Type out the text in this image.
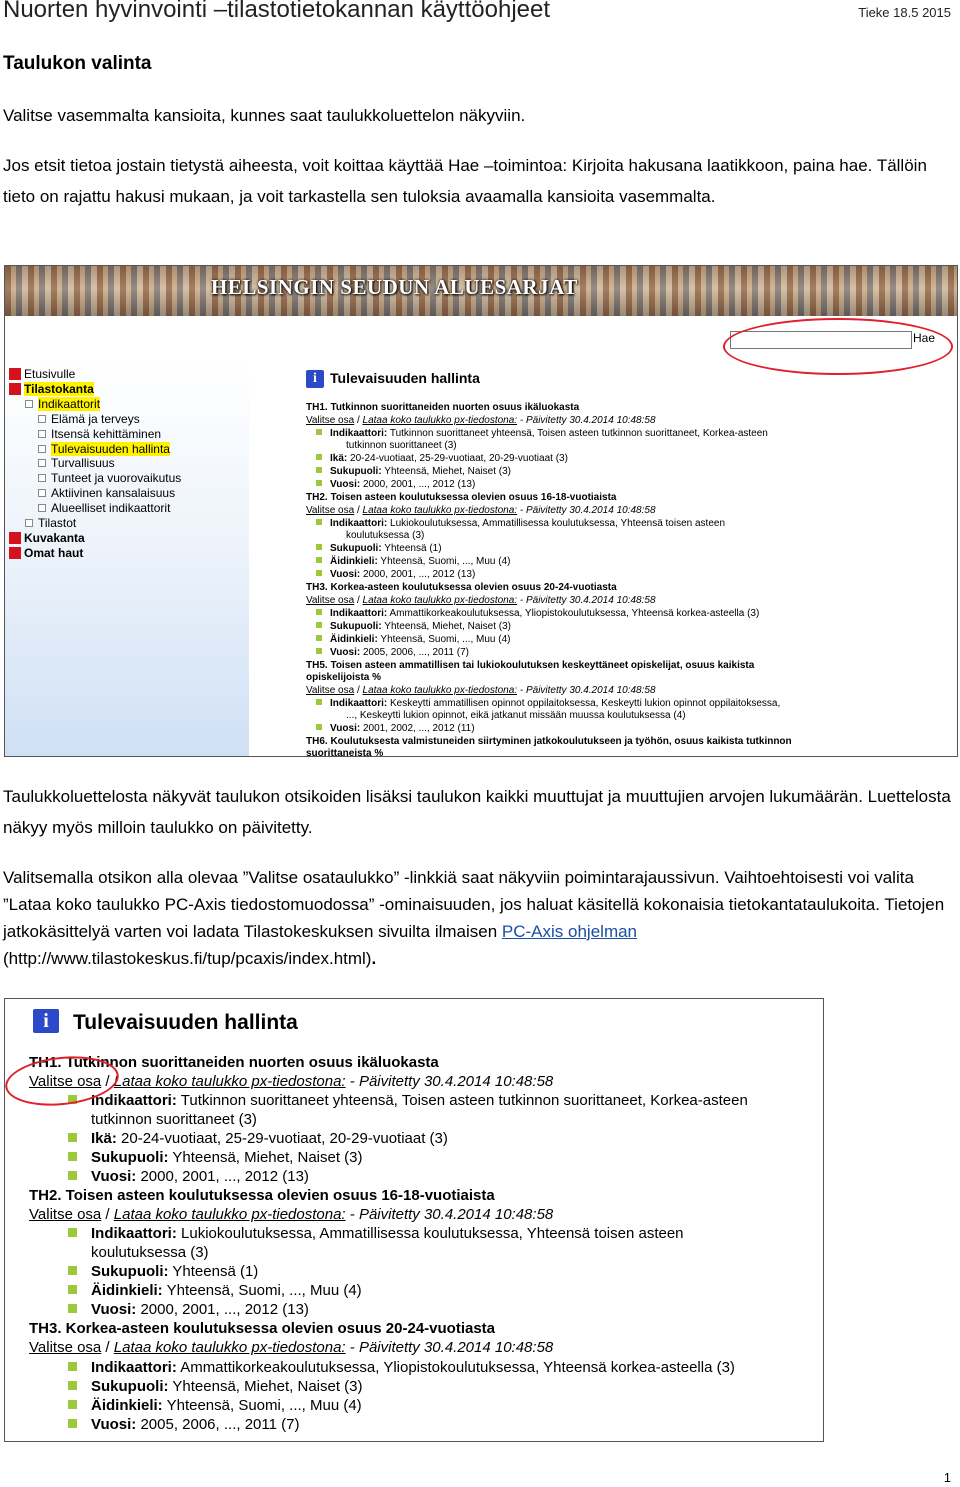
Nuorten hyvinvointi –tilastotietokannan käyttöohjeet	Tieke 18.5 2015
Taulukon valinta
Valitse vasemmalta kansioita, kunnes saat taulukkoluettelon näkyviin.
Jos etsit tietoa jostain tietystä aiheesta, voit koittaa käyttää Hae –toimintoa: Kirjoita hakusana laatikkoon, paina hae. Tällöin tieto on rajattu hakusi mukaan, ja voit tarkastella sen tuloksia avaamalla kansioita vasemmalta.
HELSINGIN SEUDUN ALUESARJAT
Hae
Etusivulle
Tilastokanta
Indikaattorit
Elämä ja terveys
Itsensä kehittäminen
Tulevaisuuden hallinta
Turvallisuus
Tunteet ja vuorovaikutus
Aktiivinen kansalaisuus
Alueelliset indikaattorit
Tilastot
Kuvakanta
Omat haut
i Tulevaisuuden hallinta
TH1. Tutkinnon suorittaneiden nuorten osuus ikäluokasta
Valitse osa / Lataa koko taulukko px-tiedostona: - Päivitetty 30.4.2014 10:48:58
Indikaattori: Tutkinnon suorittaneet yhteensä, Toisen asteen tutkinnon suorittaneet, Korkea-asteen
tutkinnon suorittaneet (3)
Ikä: 20-24-vuotiaat, 25-29-vuotiaat, 20-29-vuotiaat (3)
Sukupuoli: Yhteensä, Miehet, Naiset (3)
Vuosi: 2000, 2001, ..., 2012 (13)
TH2. Toisen asteen koulutuksessa olevien osuus 16-18-vuotiaista
Valitse osa / Lataa koko taulukko px-tiedostona: - Päivitetty 30.4.2014 10:48:58
Indikaattori: Lukiokoulutuksessa, Ammatillisessa koulutuksessa, Yhteensä toisen asteen
koulutuksessa (3)
Sukupuoli: Yhteensä (1)
Äidinkieli: Yhteensä, Suomi, ..., Muu (4)
Vuosi: 2000, 2001, ..., 2012 (13)
TH3. Korkea-asteen koulutuksessa olevien osuus 20-24-vuotiasta
Valitse osa / Lataa koko taulukko px-tiedostona: - Päivitetty 30.4.2014 10:48:58
Indikaattori: Ammattikorkeakoulutuksessa, Yliopistokoulutuksessa, Yhteensä korkea-asteella (3)
Sukupuoli: Yhteensä, Miehet, Naiset (3)
Äidinkieli: Yhteensä, Suomi, ..., Muu (4)
Vuosi: 2005, 2006, ..., 2011 (7)
TH5. Toisen asteen ammatillisen tai lukiokoulutuksen keskeyttäneet opiskelijat, osuus kaikista
opiskelijoista %
Valitse osa / Lataa koko taulukko px-tiedostona: - Päivitetty 30.4.2014 10:48:58
Indikaattori: Keskeytti ammatillisen opinnot oppilaitoksessa, Keskeytti lukion opinnot oppilaitoksessa,
..., Keskeytti lukion opinnot, eikä jatkanut missään muussa koulutuksessa (4)
Vuosi: 2001, 2002, ..., 2012 (11)
TH6. Koulutuksesta valmistuneiden siirtyminen jatkokoulutukseen ja työhön, osuus kaikista tutkinnon
suorittaneista %
Taulukkoluettelosta näkyvät taulukon otsikoiden lisäksi taulukon kaikki muuttujat ja muuttujien arvojen lukumäärän. Luettelosta näkyy myös milloin taulukko on päivitetty.
Valitsemalla otsikon alla olevaa ”Valitse osataulukko” -linkkiä saat näkyviin poimintarajaussivun. Vaihtoehtoisesti voi valita ”Lataa koko taulukko PC-Axis tiedostomuodossa” -ominaisuuden, jos haluat käsitellä kokonaisia tietokantataulukoita. Tietojen jatkokäsittelyä varten voi ladata Tilastokeskuksen sivuilta ilmaisen PC-Axis ohjelman (http://www.tilastokeskus.fi/tup/pcaxis/index.html).
i	Tulevaisuuden hallinta
TH1. Tutkinnon suorittaneiden nuorten osuus ikäluokasta
Valitse osa / Lataa koko taulukko px-tiedostona: - Päivitetty 30.4.2014 10:48:58
Indikaattori: Tutkinnon suorittaneet yhteensä, Toisen asteen tutkinnon suorittaneet, Korkea-asteen
tutkinnon suorittaneet (3)
Ikä: 20-24-vuotiaat, 25-29-vuotiaat, 20-29-vuotiaat (3)
Sukupuoli: Yhteensä, Miehet, Naiset (3)
Vuosi: 2000, 2001, ..., 2012 (13)
TH2. Toisen asteen koulutuksessa olevien osuus 16-18-vuotiaista
Valitse osa / Lataa koko taulukko px-tiedostona: - Päivitetty 30.4.2014 10:48:58
Indikaattori: Lukiokoulutuksessa, Ammatillisessa koulutuksessa, Yhteensä toisen asteen
koulutuksessa (3)
Sukupuoli: Yhteensä (1)
Äidinkieli: Yhteensä, Suomi, ..., Muu (4)
Vuosi: 2000, 2001, ..., 2012 (13)
TH3. Korkea-asteen koulutuksessa olevien osuus 20-24-vuotiasta
Valitse osa / Lataa koko taulukko px-tiedostona: - Päivitetty 30.4.2014 10:48:58
Indikaattori: Ammattikorkeakoulutuksessa, Yliopistokoulutuksessa, Yhteensä korkea-asteella (3)
Sukupuoli: Yhteensä, Miehet, Naiset (3)
Äidinkieli: Yhteensä, Suomi, ..., Muu (4)
Vuosi: 2005, 2006, ..., 2011 (7)
1
